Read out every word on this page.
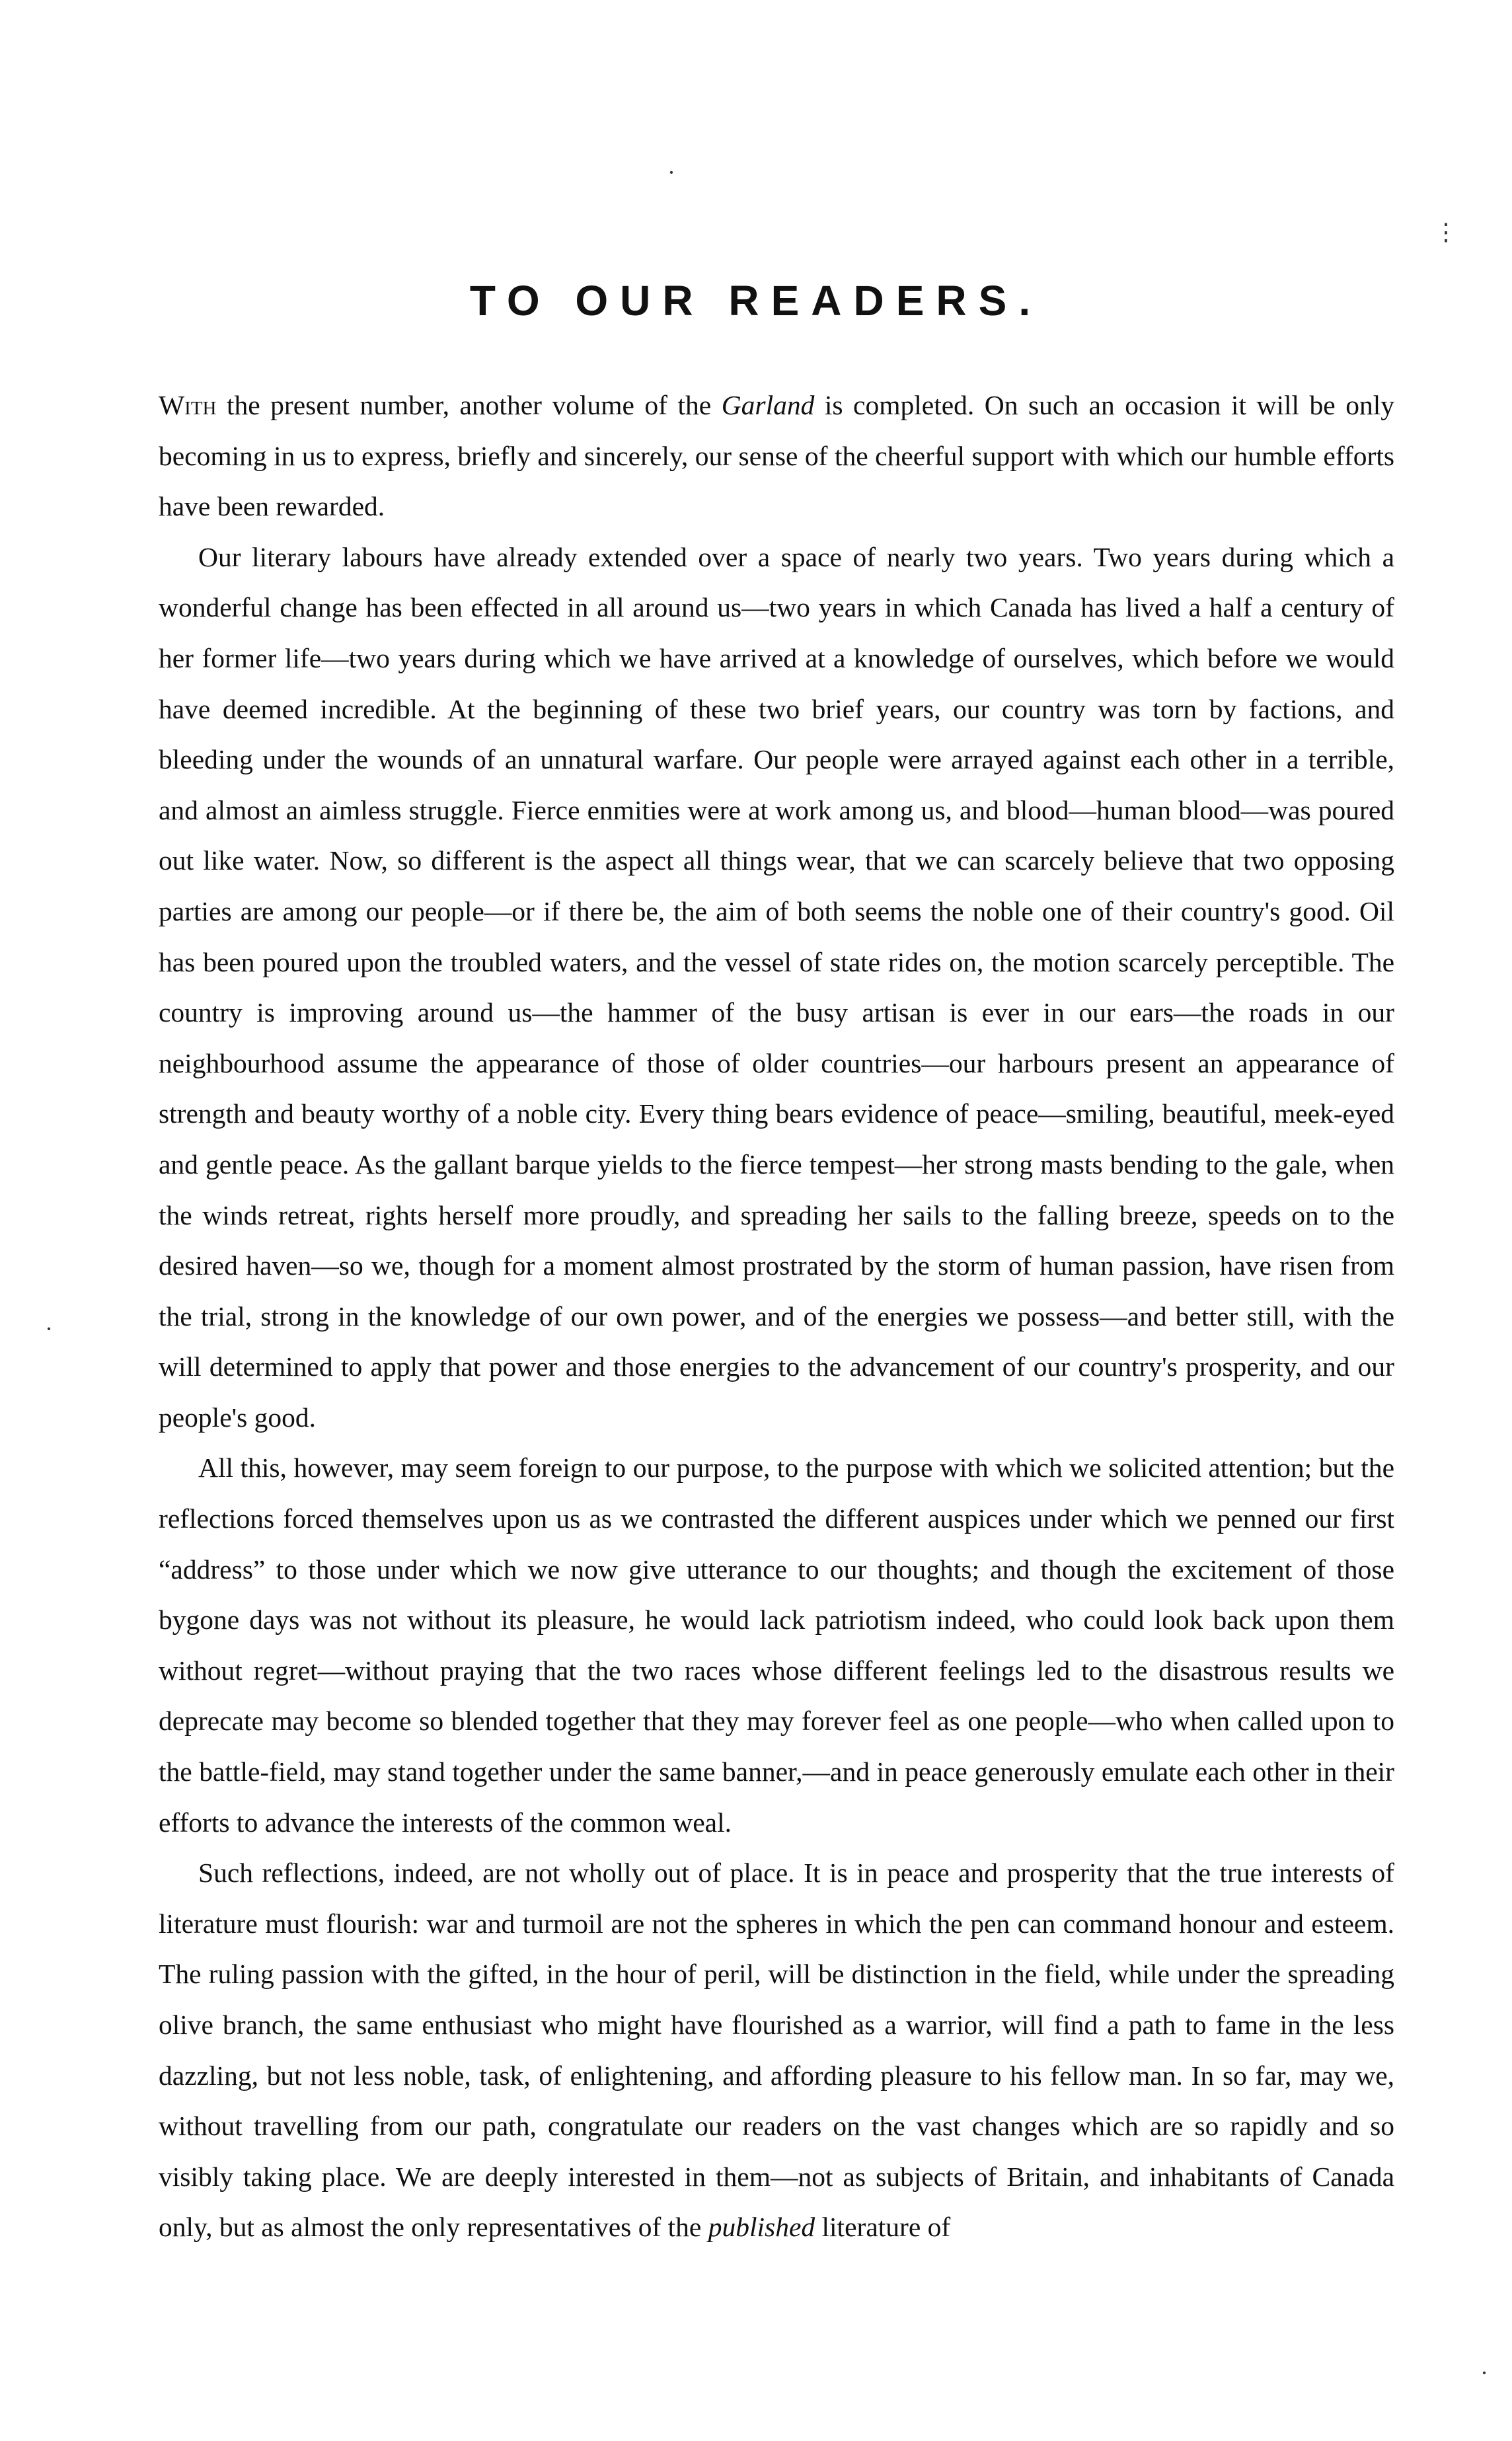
TO OUR READERS.

With the present number, another volume of the Garland is completed. On such an occasion it will be only becoming in us to express, briefly and sincerely, our sense of the cheerful support with which our humble efforts have been rewarded.

Our literary labours have already extended over a space of nearly two years. Two years during which a wonderful change has been effected in all around us—two years in which Canada has lived a half a century of her former life—two years during which we have arrived at a knowledge of ourselves, which before we would have deemed incredible. At the beginning of these two brief years, our country was torn by factions, and bleeding under the wounds of an unnatural warfare. Our people were arrayed against each other in a terrible, and almost an aimless struggle. Fierce enmities were at work among us, and blood—human blood—was poured out like water. Now, so different is the aspect all things wear, that we can scarcely believe that two opposing parties are among our people—or if there be, the aim of both seems the noble one of their country's good. Oil has been poured upon the troubled waters, and the vessel of state rides on, the motion scarcely perceptible. The country is improving around us—the hammer of the busy artisan is ever in our ears—the roads in our neighbourhood assume the appearance of those of older countries—our harbours present an appearance of strength and beauty worthy of a noble city. Every thing bears evidence of peace—smiling, beautiful, meek-eyed and gentle peace. As the gallant barque yields to the fierce tempest—her strong masts bending to the gale, when the winds retreat, rights herself more proudly, and spreading her sails to the falling breeze, speeds on to the desired haven—so we, though for a moment almost prostrated by the storm of human passion, have risen from the trial, strong in the knowledge of our own power, and of the energies we possess—and better still, with the will determined to apply that power and those energies to the advancement of our country's prosperity, and our people's good.

All this, however, may seem foreign to our purpose, to the purpose with which we solicited attention; but the reflections forced themselves upon us as we contrasted the different auspices under which we penned our first “address” to those under which we now give utterance to our thoughts; and though the excitement of those bygone days was not without its pleasure, he would lack patriotism indeed, who could look back upon them without regret—without praying that the two races whose different feelings led to the disastrous results we deprecate may become so blended together that they may forever feel as one people—who when called upon to the battle-field, may stand together under the same banner,—and in peace generously emulate each other in their efforts to advance the interests of the common weal.

Such reflections, indeed, are not wholly out of place. It is in peace and prosperity that the true interests of literature must flourish: war and turmoil are not the spheres in which the pen can command honour and esteem. The ruling passion with the gifted, in the hour of peril, will be distinction in the field, while under the spreading olive branch, the same enthusiast who might have flourished as a warrior, will find a path to fame in the less dazzling, but not less noble, task, of enlightening, and affording pleasure to his fellow man. In so far, may we, without travelling from our path, congratulate our readers on the vast changes which are so rapidly and so visibly taking place. We are deeply interested in them—not as subjects of Britain, and inhabitants of Canada only, but as almost the only representatives of the published literature of

·
⋮
·
·
